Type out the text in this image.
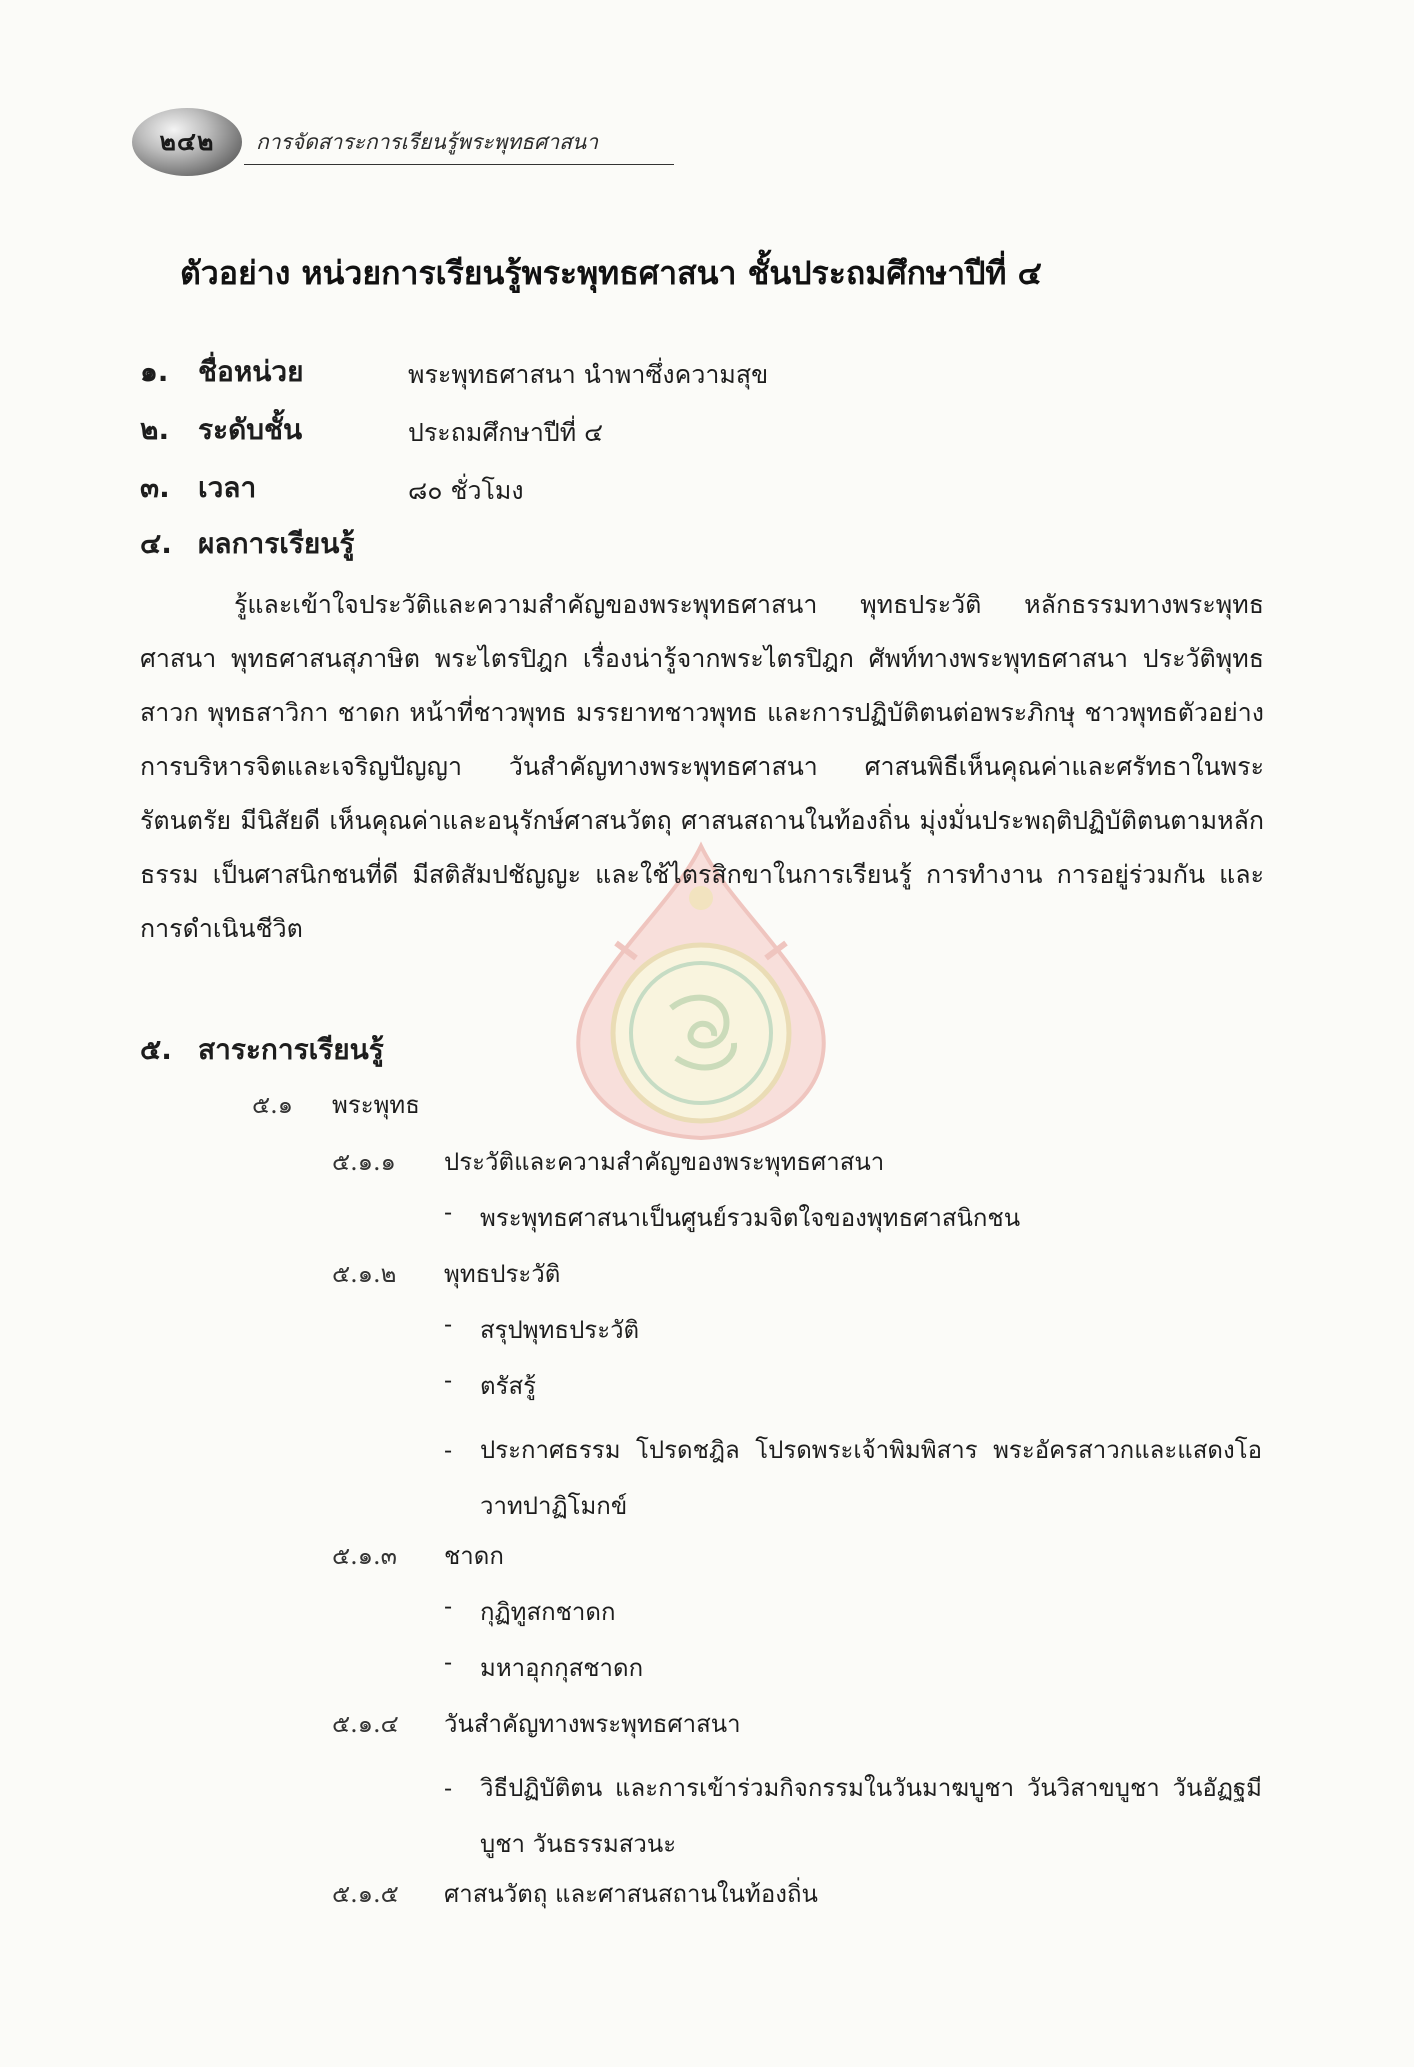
๒๔๒	การจัดสาระการเรียนรู้พระพุทธศาสนา
ตัวอย่าง หน่วยการเรียนรู้พระพุทธศาสนา ชั้นประถมศึกษาปีที่ ๔
๑. ชื่อหน่วย	พระพุทธศาสนา นำพาซึ่งความสุข
๒. ระดับชั้น	ประถมศึกษาปีที่ ๔
๓. เวลา	๘๐ ชั่วโมง
๔. ผลการเรียนรู้
รู้และเข้าใจประวัติและความสำคัญของพระพุทธศาสนา พุทธประวัติ หลักธรรมทางพระพุทธศาสนา พุทธศาสนสุภาษิต พระไตรปิฎก เรื่องน่ารู้จากพระไตรปิฎก ศัพท์ทางพระพุทธศาสนา ประวัติพุทธสาวก พุทธสาวิกา ชาดก หน้าที่ชาวพุทธ มรรยาทชาวพุทธ และการปฏิบัติตนต่อพระภิกษุ ชาวพุทธตัวอย่าง การบริหารจิตและเจริญปัญญา วันสำคัญทางพระพุทธศาสนา ศาสนพิธีเห็นคุณค่าและศรัทธาในพระรัตนตรัย มีนิสัยดี เห็นคุณค่าและอนุรักษ์ศาสนวัตถุ ศาสนสถานในท้องถิ่น มุ่งมั่นประพฤติปฏิบัติตนตามหลักธรรม เป็นศาสนิกชนที่ดี มีสติสัมปชัญญะ และใช้ไตรสิกขาในการเรียนรู้ การทำงาน การอยู่ร่วมกัน และการดำเนินชีวิต
๕. สาระการเรียนรู้
๕.๑ พระพุทธ
๕.๑.๑ ประวัติและความสำคัญของพระพุทธศาสนา
- พระพุทธศาสนาเป็นศูนย์รวมจิตใจของพุทธศาสนิกชน
๕.๑.๒ พุทธประวัติ
- สรุปพุทธประวัติ
- ตรัสรู้
- ประกาศธรรม โปรดชฎิล โปรดพระเจ้าพิมพิสาร พระอัครสาวกและแสดงโอวาทปาฏิโมกข์
๕.๑.๓ ชาดก
- กุฏิทูสกชาดก
- มหาอุกกุสชาดก
๕.๑.๔ วันสำคัญทางพระพุทธศาสนา
- วิธีปฏิบัติตน และการเข้าร่วมกิจกรรมในวันมาฆบูชา วันวิสาขบูชา วันอัฏฐมีบูชา วันธรรมสวนะ
๕.๑.๕ ศาสนวัตถุ และศาสนสถานในท้องถิ่น
